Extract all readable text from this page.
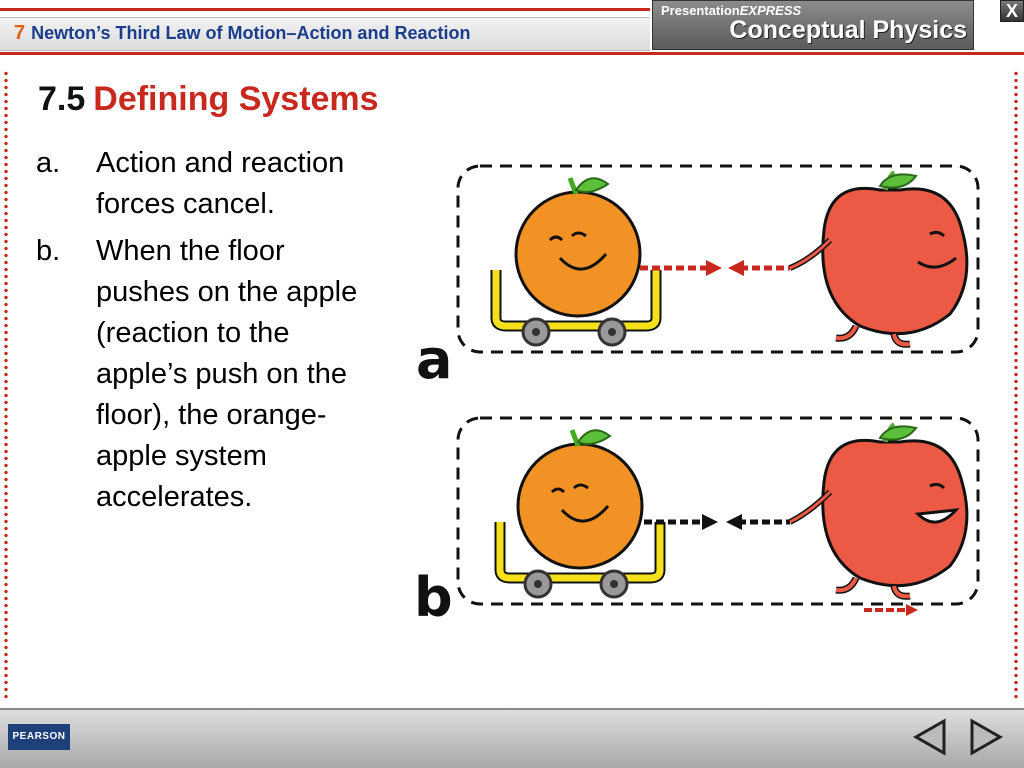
7 Newton’s Third Law of Motion–Action and Reaction
PresentationEXPRESS
Conceptual Physics
X
7.5 Defining Systems
a.	Action and reaction forces cancel.
b.	When the floor pushes on the apple (reaction to the apple’s push on the floor), the orange-apple system accelerates.
a
b
PEARSON
